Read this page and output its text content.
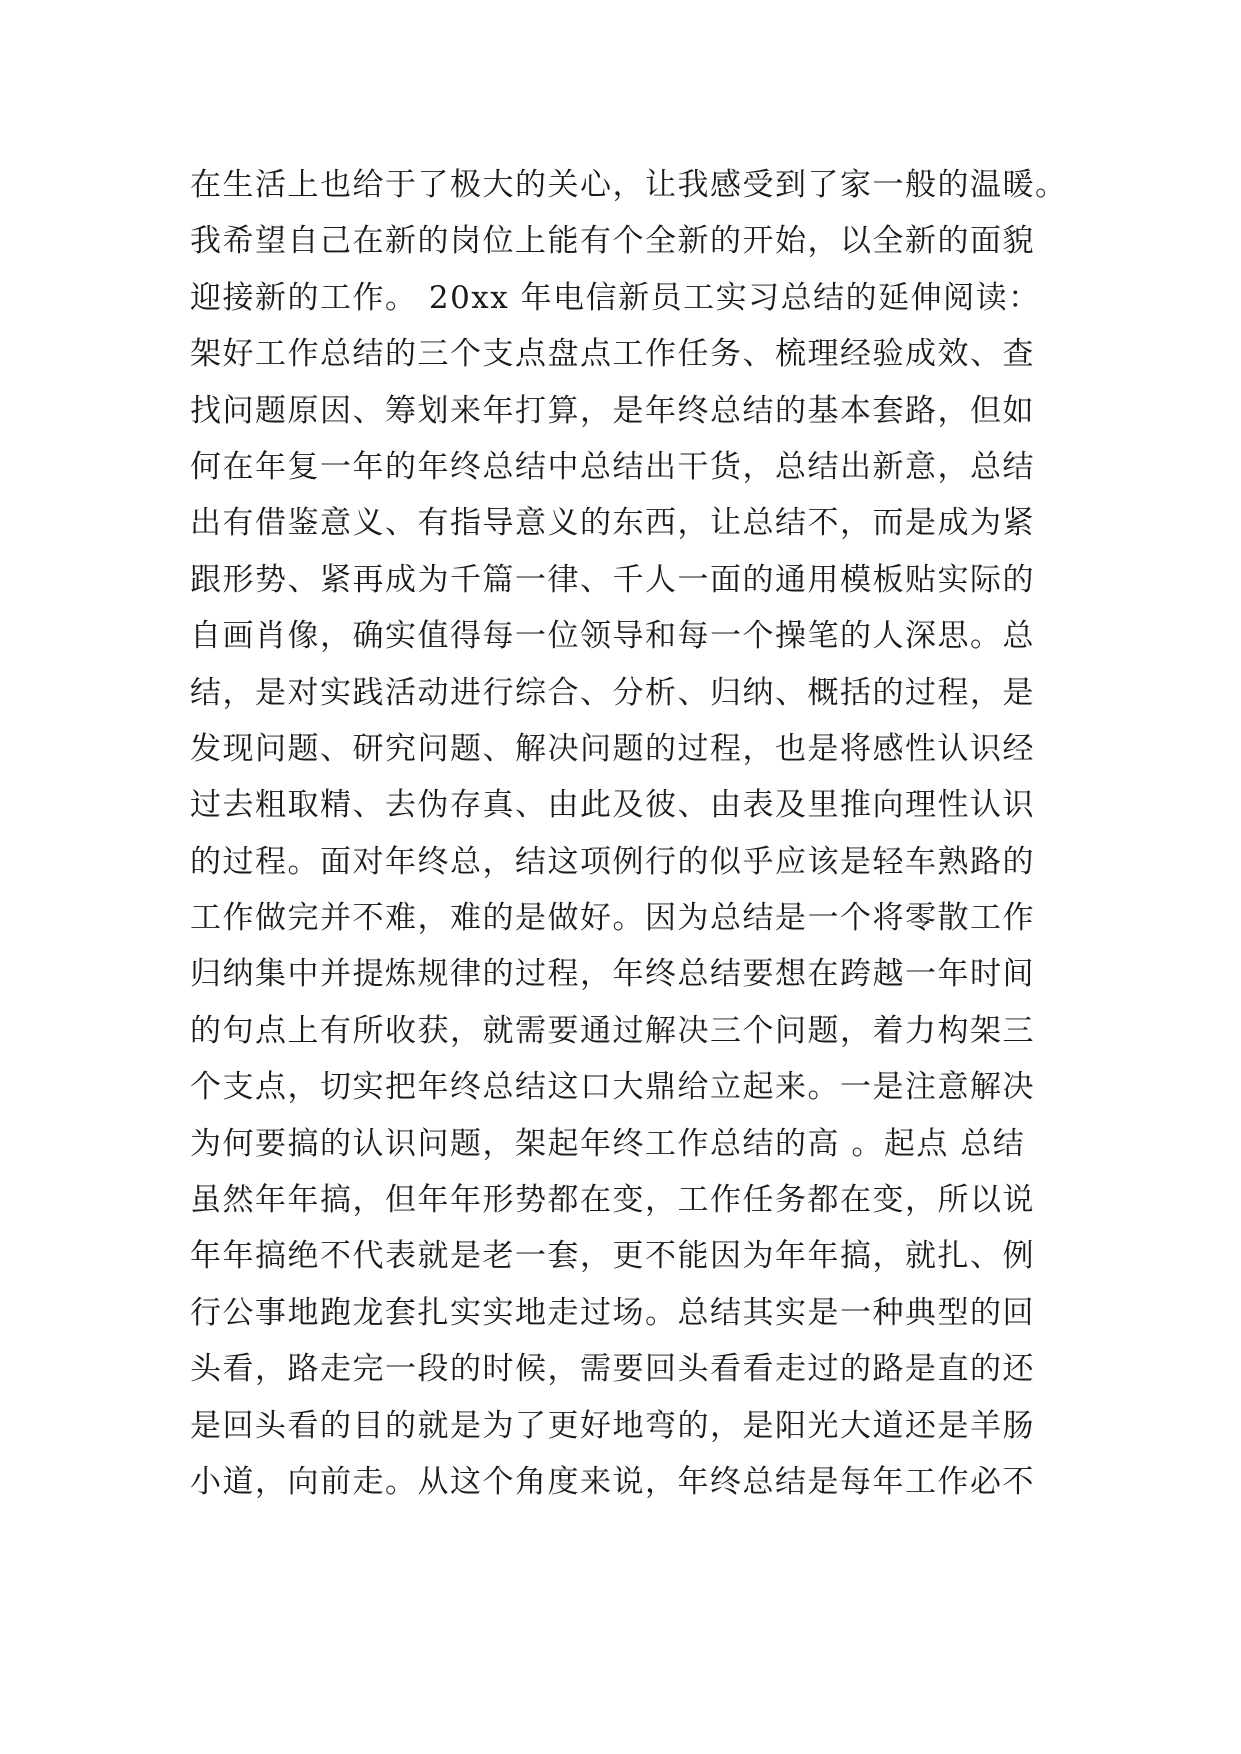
在生活上也给于了极大的关心，让我感受到了家一般的温暖。
我希望自己在新的岗位上能有个全新的开始，以全新的面貌
迎接新的工作。 20xx 年电信新员工实习总结的延伸阅读：
架好工作总结的三个支点盘点工作任务、梳理经验成效、查
找问题原因、筹划来年打算，是年终总结的基本套路，但如
何在年复一年的年终总结中总结出干货，总结出新意，总结
出有借鉴意义、有指导意义的东西，让总结不，而是成为紧
跟形势、紧再成为千篇一律、千人一面的通用模板贴实际的
自画肖像，确实值得每一位领导和每一个操笔的人深思。总
结，是对实践活动进行综合、分析、归纳、概括的过程，是
发现问题、研究问题、解决问题的过程，也是将感性认识经
过去粗取精、去伪存真、由此及彼、由表及里推向理性认识
的过程。面对年终总，结这项例行的似乎应该是轻车熟路的
工作做完并不难，难的是做好。因为总结是一个将零散工作
归纳集中并提炼规律的过程，年终总结要想在跨越一年时间
的句点上有所收获，就需要通过解决三个问题，着力构架三
个支点，切实把年终总结这口大鼎给立起来。一是注意解决
为何要搞的认识问题，架起年终工作总结的高 。起点 总结
虽然年年搞，但年年形势都在变，工作任务都在变，所以说
年年搞绝不代表就是老一套，更不能因为年年搞，就扎、例
行公事地跑龙套扎实实地走过场。总结其实是一种典型的回
头看，路走完一段的时候，需要回头看看走过的路是直的还
是回头看的目的就是为了更好地弯的，是阳光大道还是羊肠
小道，向前走。从这个角度来说，年终总结是每年工作必不
